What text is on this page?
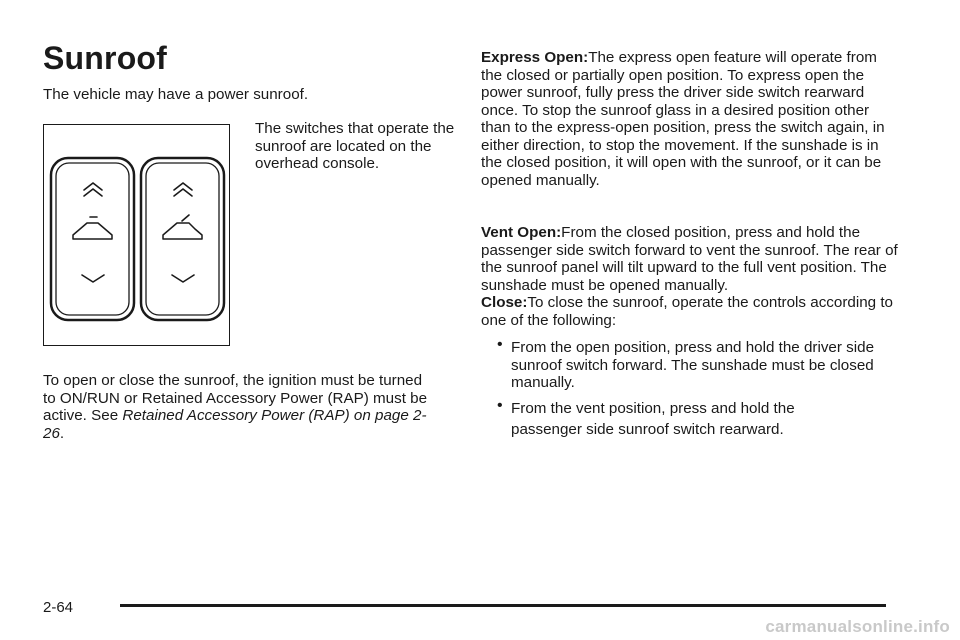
Sunroof

The vehicle may have a power sunroof.

The switches that operate the sunroof are located on the overhead console.

To open or close the sunroof, the ignition must be turned to ON/RUN or Retained Accessory Power (RAP) must be active. See Retained Accessory Power (RAP) on page 2-26.

Express Open:The express open feature will operate from the closed or partially open position. To express open the power sunroof, fully press the driver side switch rearward once. To stop the sunroof glass in a desired position other than to the express-open position, press the switch again, in either direction, to stop the movement. If the sunshade is in the closed position, it will open with the sunroof, or it can be opened manually.

Vent Open:From the closed position, press and hold the passenger side switch forward to vent the sunroof. The rear of the sunroof panel will tilt upward to the full vent position. The sunshade must be opened manually.

Close:To close the sunroof, operate the controls according to one of the following:

• From the open position, press and hold the driver side sunroof switch forward. The sunshade must be closed manually.

• From the vent position, press and hold the
passenger side sunroof switch rearward.

2-64

carmanualsonline.info
